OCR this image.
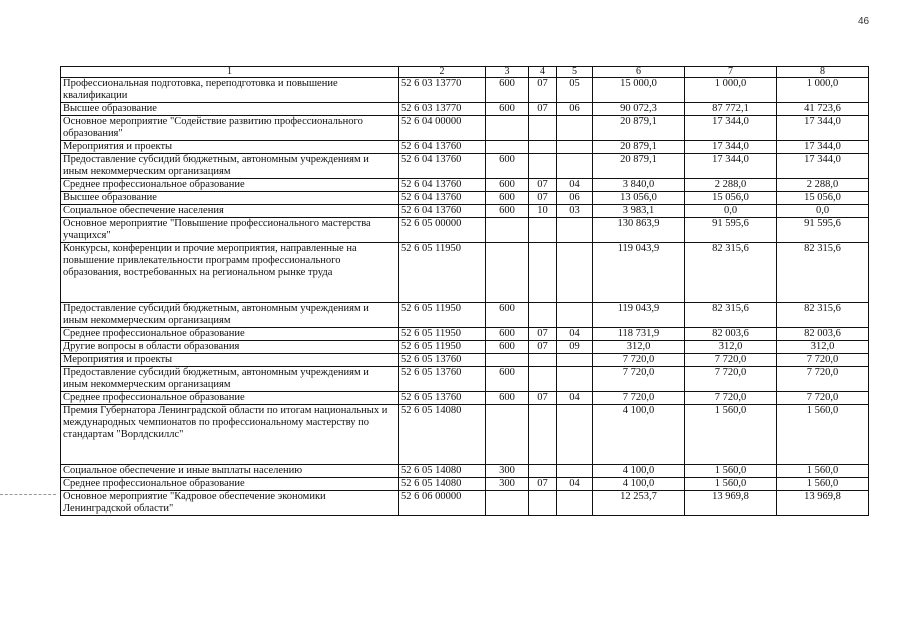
46
1	2	3	4	5	6	7	8
Профессиональная подготовка, переподготовка и повышение квалификации	52 6 03 13770	600	07	05	15 000,0	1 000,0	1 000,0
Высшее образование	52 6 03 13770	600	07	06	90 072,3	87 772,1	41 723,6
Основное мероприятие "Содействие развитию профессионального образования"	52 6 04 00000				20 879,1	17 344,0	17 344,0
Мероприятия и проекты	52 6 04 13760				20 879,1	17 344,0	17 344,0
Предоставление субсидий бюджетным, автономным учреждениям и иным некоммерческим организациям	52 6 04 13760	600			20 879,1	17 344,0	17 344,0
Среднее профессиональное образование	52 6 04 13760	600	07	04	3 840,0	2 288,0	2 288,0
Высшее образование	52 6 04 13760	600	07	06	13 056,0	15 056,0	15 056,0
Социальное обеспечение населения	52 6 04 13760	600	10	03	3 983,1	0,0	0,0
Основное мероприятие "Повышение профессионального мастерства учащихся"	52 6 05 00000				130 863,9	91 595,6	91 595,6
Конкурсы, конференции и прочие мероприятия, направленные на повышение привлекательности программ профессионального образования, востребованных на региональном рынке труда	52 6 05 11950				119 043,9	82 315,6	82 315,6
Предоставление субсидий бюджетным, автономным учреждениям и иным некоммерческим организациям	52 6 05 11950	600			119 043,9	82 315,6	82 315,6
Среднее профессиональное образование	52 6 05 11950	600	07	04	118 731,9	82 003,6	82 003,6
Другие вопросы в области образования	52 6 05 11950	600	07	09	312,0	312,0	312,0
Мероприятия и проекты	52 6 05 13760				7 720,0	7 720,0	7 720,0
Предоставление субсидий бюджетным, автономным учреждениям и иным некоммерческим организациям	52 6 05 13760	600			7 720,0	7 720,0	7 720,0
Среднее профессиональное образование	52 6 05 13760	600	07	04	7 720,0	7 720,0	7 720,0
Премия Губернатора Ленинградской области по итогам национальных и международных чемпионатов по профессиональному мастерству по стандартам "Ворлдскиллс"	52 6 05 14080				4 100,0	1 560,0	1 560,0
Социальное обеспечение и иные выплаты населению	52 6 05 14080	300			4 100,0	1 560,0	1 560,0
Среднее профессиональное образование	52 6 05 14080	300	07	04	4 100,0	1 560,0	1 560,0
Основное мероприятие "Кадровое обеспечение экономики Ленинградской области"	52 6 06 00000				12 253,7	13 969,8	13 969,8
